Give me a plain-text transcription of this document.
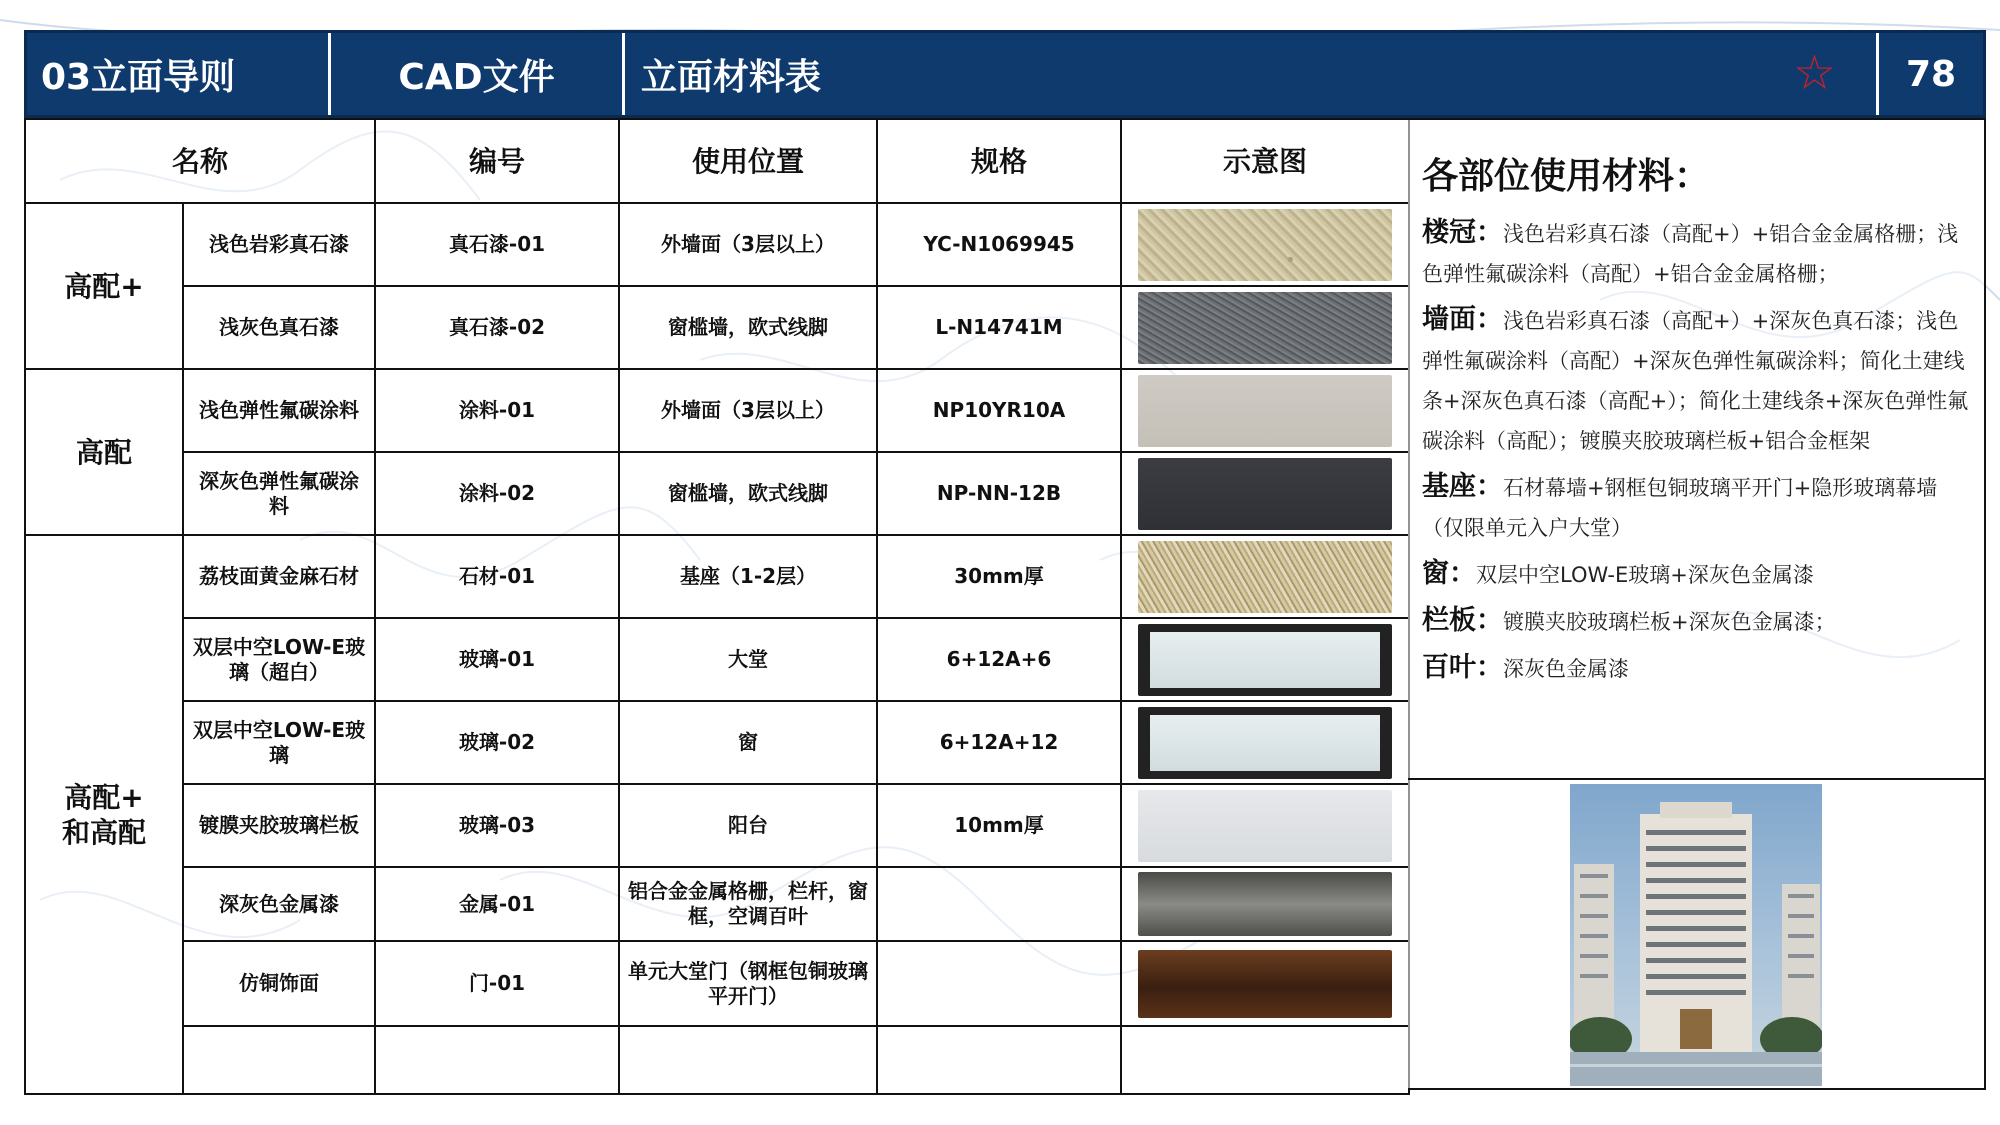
03立面导则	CAD文件	立面材料表	☆	78
名称		编号	使用位置	规格	示意图	
高配+	浅色岩彩真石漆	真石漆-01	外墙面（3层以上）	YC-N1069945		

	浅灰色真石漆	真石漆-02	窗槛墙，欧式线脚	L-N14741M		

高配	浅色弹性氟碳涂料	涂料-01	外墙面（3层以上）	NP10YR10A		

	深灰色弹性氟碳涂料	涂料-02	窗槛墙，欧式线脚	NP-NN-12B		

高配+
和高配	荔枝面黄金麻石材	石材-01	基座（1-2层）	30mm厚		

	双层中空LOW-E玻璃（超白）	玻璃-01	大堂	6+12A+6		

	双层中空LOW-E玻璃	玻璃-02	窗	6+12A+12		

	镀膜夹胶玻璃栏板	玻璃-03	阳台	10mm厚		

	深灰色金属漆	金属-01	铝合金金属格栅，栏杆，窗框，空调百叶			

	仿铜饰面	门-01	单元大堂门（钢框包铜玻璃平开门）			

各部位使用材料：
楼冠：浅色岩彩真石漆（高配+）+铝合金金属格栅；浅色弹性氟碳涂料（高配）+铝合金金属格栅；
墙面：浅色岩彩真石漆（高配+）+深灰色真石漆；浅色弹性氟碳涂料（高配）+深灰色弹性氟碳涂料；简化土建线条+深灰色真石漆（高配+）；简化土建线条+深灰色弹性氟碳涂料（高配）；镀膜夹胶玻璃栏板+铝合金框架
基座：石材幕墙+钢框包铜玻璃平开门+隐形玻璃幕墙（仅限单元入户大堂）
窗：双层中空LOW-E玻璃+深灰色金属漆
栏板：镀膜夹胶玻璃栏板+深灰色金属漆；
百叶：深灰色金属漆
